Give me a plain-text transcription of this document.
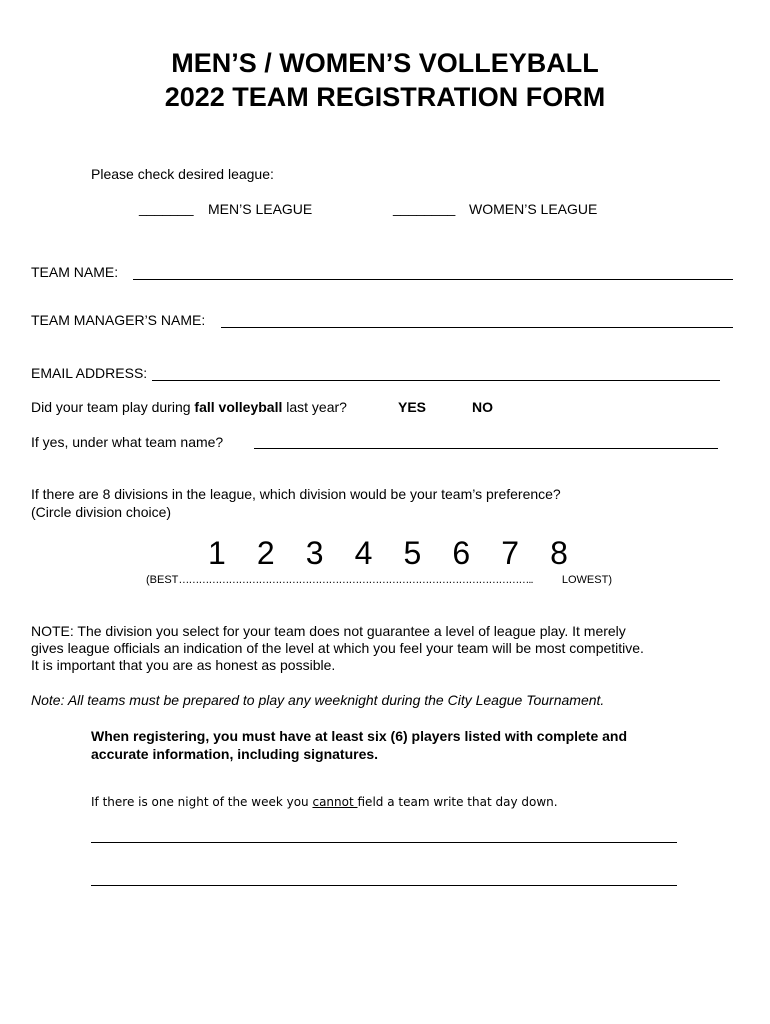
MEN’S / WOMEN’S VOLLEYBALL
2022 TEAM REGISTRATION FORM
Please check desired league:
_______ MEN’S LEAGUE	________ WOMEN’S LEAGUE
TEAM NAME:
TEAM MANAGER’S NAME:
EMAIL ADDRESS:
Did your team play during fall volleyball last year?	YES	NO
If yes, under what team name?
If there are 8 divisions in the league, which division would be your team’s preference?
(Circle division choice)
1 2 3 4 5 6 7 8
(BEST ……………………………………………………………………………………………..	LOWEST)
NOTE: The division you select for your team does not guarantee a level of league play. It merely
gives league officials an indication of the level at which you feel your team will be most competitive.
It is important that you are as honest as possible.
Note: All teams must be prepared to play any weeknight during the City League Tournament.
When registering, you must have at least six (6) players listed with complete and
accurate information, including signatures.
If there is one night of the week you cannot field a team write that day down.
